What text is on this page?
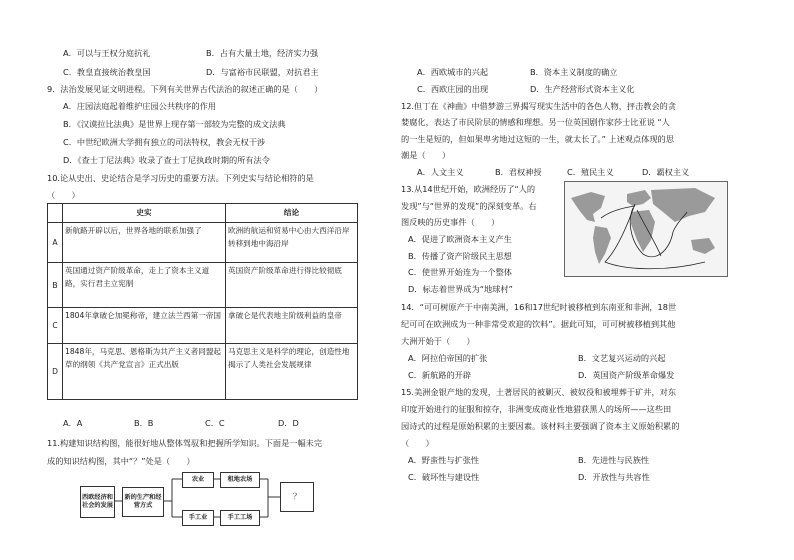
A．可以与王权分庭抗礼	B．占有大量土地，经济实力强
C．教皇直接统治教皇国	D．与富裕市民联盟，对抗君主
9．法治发展见证文明进程。下列有关世界古代法治的叙述正确的是（　　）
A．庄园法庭起着维护庄园公共秩序的作用
B．《汉谟拉比法典》是世界上现存第一部较为完整的成文法典
C．中世纪欧洲大学拥有独立的司法特权，教会无权干涉
D．《查士丁尼法典》收录了查士丁尼执政时期的所有法令
10.论从史出、史论结合是学习历史的重要方法。下列史实与结论相符的是
（　　）
	史实	结论
A	新航路开辟以后，世界各地的联系加强了	欧洲的航运和贸易中心由大西洋沿岸转移到地中海沿岸
B	英国通过资产阶级革命，走上了资本主义道路，实行君主立宪制	英国资产阶级革命进行得比较彻底
C	1804年拿破仑加冕称帝，建立法兰西第一帝国	拿破仑是代表地主阶级利益的皇帝
D	1848年，马克思、恩格斯为共产主义者同盟起草的纲领《共产党宣言》正式出版	马克思主义是科学的理论，创造性地揭示了人类社会发展规律
A．A	B．B	C．C	D．D
11.构建知识结构图，能很好地从整体驾驭和把握所学知识。下面是一幅未完
成的知识结构图，其中“？”处是（　　）
西欧经济和社会的发展
新的生产和经营方式
农业	租地农场
手工业	手工工场
？
A．西欧城市的兴起	B．资本主义制度的确立
C．西欧庄园的出现	D．生产经营形式资本主义化
12.但丁在《神曲》中借梦游三界揭写现实生活中的各色人物，抨击教会的贪
婪腐化，表达了市民阶层的情感和理想。另一位英国剧作家莎士比亚说 “人
的一生是短的，但如果卑劣地过这短的一生，就太长了。” 上述观点体现的思
潮是（　　）
A．人文主义	B．君权神授	C．殖民主义	D．霸权主义
13.从14世纪开始，欧洲经历了“人的
发现”与“世界的发现”的深刻变革。右
图反映的历史事件（　　）
A．促进了欧洲资本主义产生
B．传播了资产阶级民主思想
C．使世界开始连为一个整体
D．标志着世界成为“地球村”
14．“可可树原产于中南美洲，16和17世纪时被移植到东南亚和非洲，18世
纪可可在欧洲成为一种非常受欢迎的饮料”。据此可知，可可树被移植到其他
大洲开始于（　　）
A．阿拉伯帝国的扩张	B．文艺复兴运动的兴起
C．新航路的开辟	D．英国资产阶级革命爆发
15.美洲金银产地的发现，土著居民的被剿灭、被奴役和被埋葬于矿井，对东
印度开始进行的征服和掠夺，非洲变成商业性地猎获黑人的场所——这些田
园诗式的过程是原始积累的主要因素。该材料主要强调了资本主义原始积累的
（　　）
A．野蛮性与扩张性	B．先进性与民族性
C．破坏性与建设性	D．开放性与共容性
